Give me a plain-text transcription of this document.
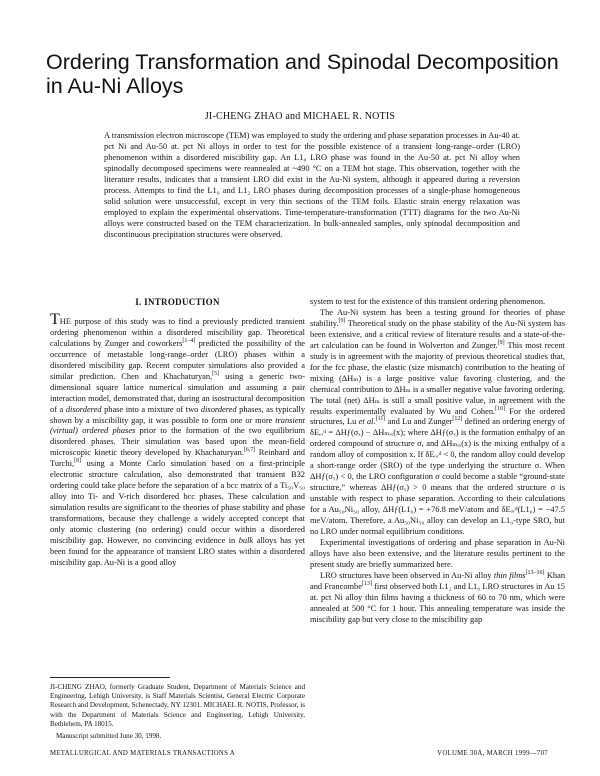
Ordering Transformation and Spinodal Decomposition in Au-Ni Alloys
JI-CHENG ZHAO and MICHAEL R. NOTIS

A transmission electron microscope (TEM) was employed to study the ordering and phase separation processes in Au-40 at. pct Ni and Au-50 at. pct Ni alloys in order to test for the possible existence of a transient long-range–order (LRO) phenomenon within a disordered miscibility gap. An L1₀ LRO phase was found in the Au-50 at. pct Ni alloy when spinodally decomposed specimens were reannealed at ~490 °C on a TEM hot stage. This observation, together with the literature results, indicates that a transient LRO did exist in the Au-Ni system, although it appeared during a reversion process. Attempts to find the L1₀ and L1₂ LRO phases during decomposition processes of a single-phase homogeneous solid solution were unsuccessful, except in very thin sections of the TEM foils. Elastic strain energy relaxation was employed to explain the experimental observations. Time-temperature-transformation (TTT) diagrams for the two Au-Ni alloys were constructed based on the TEM characterization. In bulk-annealed samples, only spinodal decomposition and discontinuous precipitation structures were observed.

I. INTRODUCTION

THE purpose of this study was to find a previously predicted transient ordering phenomenon within a disordered miscibility gap. Theoretical calculations by Zunger and coworkers[1–4] predicted the possibility of the occurrence of metastable long-range–order (LRO) phases within a disordered miscibility gap. Recent computer simulations also provided a similar prediction. Chen and Khachaturyan,[5] using a generic two-dimensional square lattice numerical simulation and assuming a pair interaction model, demonstrated that, during an isostructural decomposition of a disordered phase into a mixture of two disordered phases, as typically shown by a miscibility gap, it was possible to form one or more transient (virtual) ordered phases prior to the formation of the two equilibrium disordered phases. Their simulation was based upon the mean-field microscopic kinetic theory developed by Khachaturyan.[6,7] Reinhard and Turchi,[8] using a Monte Carlo simulation based on a first-principle electronic structure calculation, also demonstrated that transient B32 ordering could take place before the separation of a bcc matrix of a Ti₅₀V₅₀ alloy into Ti- and V-rich disordered bcc phases. These calculation and simulation results are significant to the theories of phase stability and phase transformations, because they challenge a widely accepted concept that only atomic clustering (no ordering) could occur within a disordered miscibility gap. However, no convincing evidence in bulk alloys has yet been found for the appearance of transient LRO states within a disordered miscibility gap. Au-Ni is a good alloy

system to test for the existence of this transient ordering phenomenon.

The Au-Ni system has been a testing ground for theories of phase stability.[9] Theoretical study on the phase stability of the Au-Ni system has been extensive, and a critical review of literature results and a state-of-the-art calculation can be found in Wolverton and Zunger.[9] This most recent study is in agreement with the majority of previous theoretical studies that, for the fcc phase, the elastic (size mismatch) contribution to the heating of mixing (ΔHₘ) is a large positive value favoring clustering, and the chemical contribution to ΔHₘ is a smaller negative value favoring ordering. The total (net) ΔHₘ is still a small positive value, in agreement with the results experimentally evaluated by Wu and Cohen.[10] For the ordered structures, Lu et al.[11] and Lu and Zunger[12] defined an ordering energy of δEₒᵣᵈ = ΔHƒ(σₓ) − ΔHₘᵢₓ(x); where ΔHƒ(σₓ) is the formation enthalpy of an ordered compound of structure σ, and ΔHₘᵢₓ(x) is the mixing enthalpy of a random alloy of composition x. If δEₒᵣᵈ < 0, the random alloy could develop a short-range order (SRO) of the type underlying the structure σ. When ΔHƒ(σₓ) < 0, the LRO configuration σ could become a stable “ground-state structure,” whereas ΔHƒ(σₓ) > 0 means that the ordered structure σ is unstable with respect to phase separation. According to their calculations for a Au₅₀Ni₅₀ alloy, ΔHƒ(L1₀) = +76.8 meV/atom and δEₒᵣᵈ(L1₀) = −47.5 meV/atom. Therefore, a Au₅₀Ni₅₀ alloy can develop an L1₀-type SRO, but no LRO under normal equilibrium conditions.

Experimental investigations of ordering and phase separation in Au-Ni alloys have also been extensive, and the literature results pertinent to the present study are briefly summarized here.

LRO structures have been observed in Au-Ni alloy thin films[13–16] Khan and Francombe[13] first observed both L1₂ and L1₀ LRO structures in Au 15 at. pct Ni alloy thin films having a thickness of 60 to 70 nm, which were annealed at 500 °C for 1 hour. This annealing temperature was inside the miscibility gap but very close to the miscibility gap

JI-CHENG ZHAO, formerly Graduate Student, Department of Materials Science and Engineering, Lehigh University, is Staff Materials Scientist, General Electric Corporate Research and Development, Schenectady, NY 12301. MICHAEL R. NOTIS, Professor, is with the Department of Materials Science and Engineering, Lehigh University, Bethlehem, PA 18015.

Manuscript submitted June 30, 1998.

METALLURGICAL AND MATERIALS TRANSACTIONS A	VOLUME 30A, MARCH 1999—707
